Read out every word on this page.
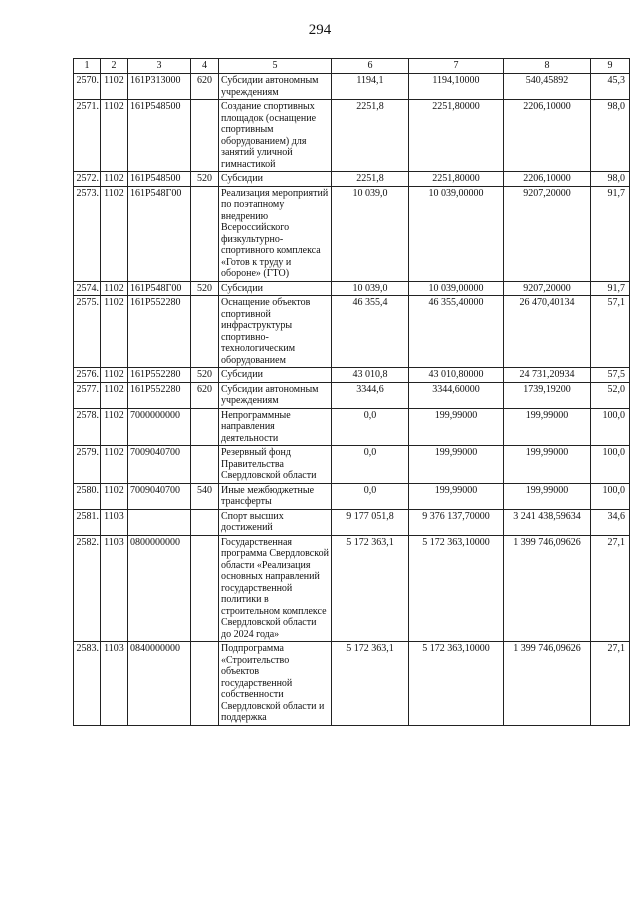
294
1	2	3	4	5	6	7	8	9
2570.	1102	161Р313000	620	Субсидии автономным учреждениям	1194,1	1194,10000	540,45892	45,3
2571.	1102	161Р548500		Создание спортивных площадок (оснащение спортивным оборудованием) для занятий уличной гимнастикой	2251,8	2251,80000	2206,10000	98,0
2572.	1102	161Р548500	520	Субсидии	2251,8	2251,80000	2206,10000	98,0
2573.	1102	161Р548Г00		Реализация мероприятий по поэтапному внедрению Всероссийского физкультурно-спортивного комплекса «Готов к труду и обороне» (ГТО)	10 039,0	10 039,00000	9207,20000	91,7
2574.	1102	161Р548Г00	520	Субсидии	10 039,0	10 039,00000	9207,20000	91,7
2575.	1102	161Р552280		Оснащение объектов спортивной инфраструктуры спортивно-технологическим оборудованием	46 355,4	46 355,40000	26 470,40134	57,1
2576.	1102	161Р552280	520	Субсидии	43 010,8	43 010,80000	24 731,20934	57,5
2577.	1102	161Р552280	620	Субсидии автономным учреждениям	3344,6	3344,60000	1739,19200	52,0
2578.	1102	7000000000		Непрограммные направления деятельности	0,0	199,99000	199,99000	100,0
2579.	1102	7009040700		Резервный фонд Правительства Свердловской области	0,0	199,99000	199,99000	100,0
2580.	1102	7009040700	540	Иные межбюджетные трансферты	0,0	199,99000	199,99000	100,0
2581.	1103			Спорт высших достижений	9 177 051,8	9 376 137,70000	3 241 438,59634	34,6
2582.	1103	0800000000		Государственная программа Свердловской области «Реализация основных направлений государственной политики в строительном комплексе Свердловской области до 2024 года»	5 172 363,1	5 172 363,10000	1 399 746,09626	27,1
2583.	1103	0840000000		Подпрограмма «Строительство объектов государственной собственности Свердловской области и поддержка	5 172 363,1	5 172 363,10000	1 399 746,09626	27,1
